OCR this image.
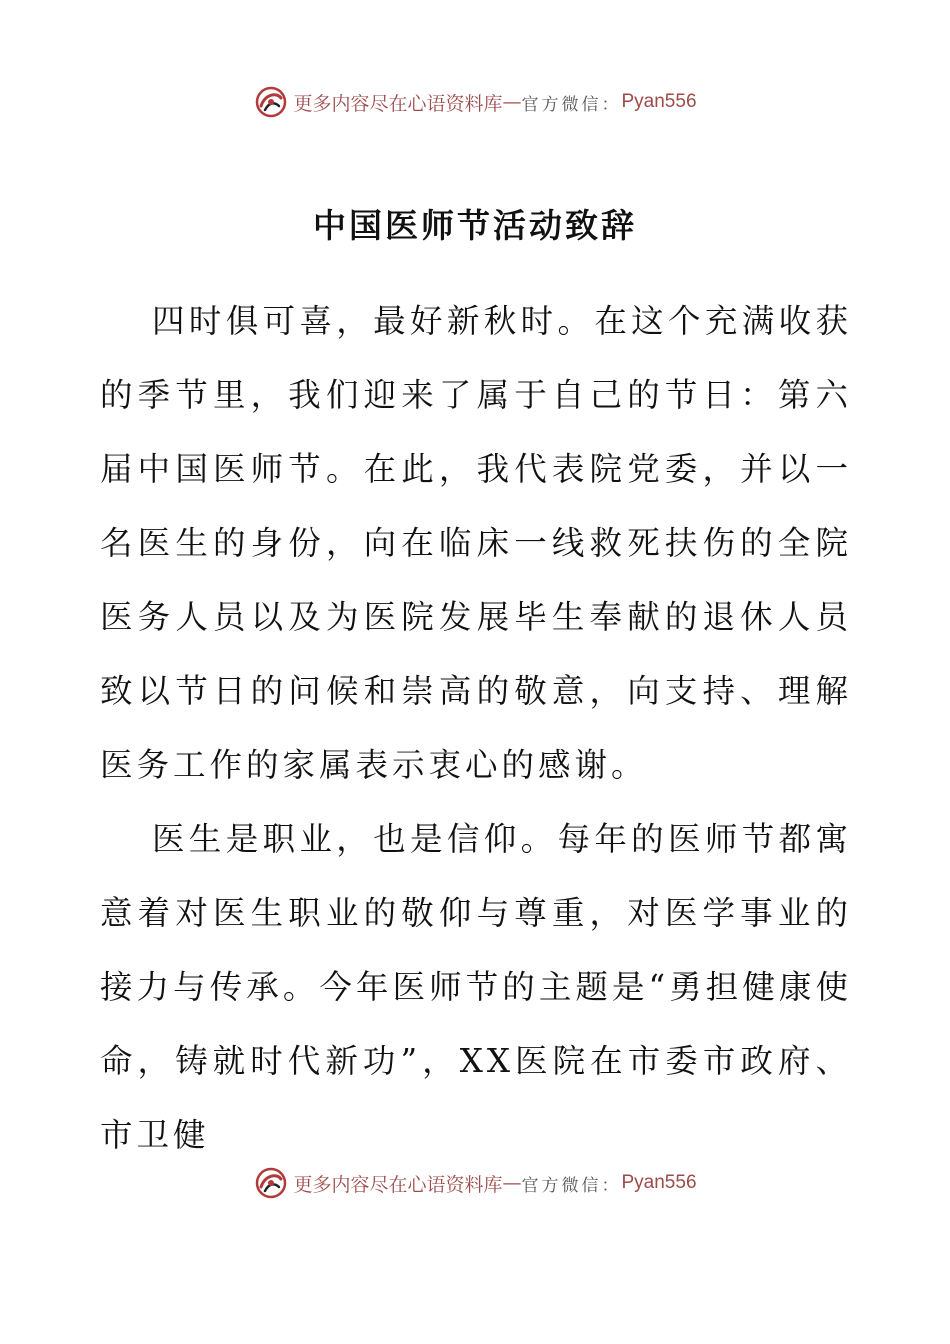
更多内容尽在心语资料库 — 官方微信： Pyan556
中国医师节活动致辞

四时俱可喜，最好新秋时。在这个充满收获的季节里，我们迎来了属于自己的节日：第六届中国医师节。在此，我代表院党委，并以一名医生的身份，向在临床一线救死扶伤的全院医务人员以及为医院发展毕生奉献的退休人员致以节日的问候和崇高的敬意，向支持、理解医务工作的家属表示衷心的感谢。

医生是职业，也是信仰。每年的医师节都寓意着对医生职业的敬仰与尊重，对医学事业的接力与传承。今年医师节的主题是“勇担健康使命，铸就时代新功”，XX医院在市委市政府、市卫健

更多内容尽在心语资料库 — 官方微信： Pyan556
